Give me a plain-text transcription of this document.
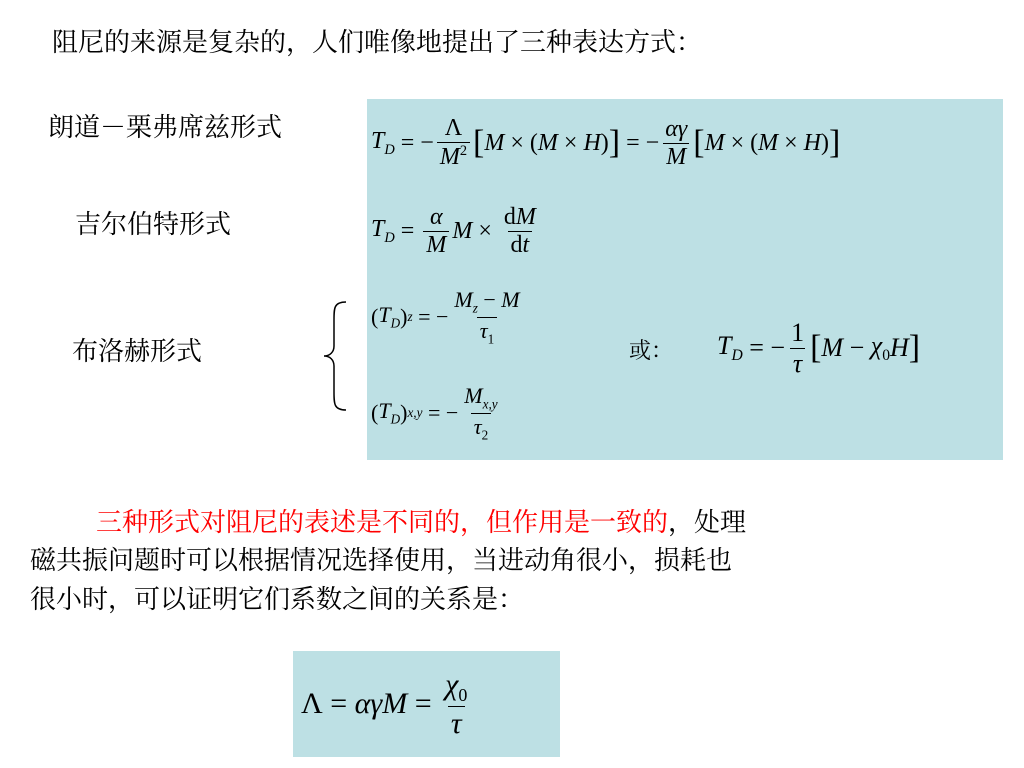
阻尼的来源是复杂的，人们唯像地提出了三种表达方式：
朗道－栗弗席兹形式
吉尔伯特形式
布洛赫形式
$T_D$ = − $\frac{\Lambda}{M^2}$ [ M × ( M × H ) ] = − $\frac{\alpha\gamma}{M}$ [ M × ( M × H ) ]
$T_D = \frac{\alpha}{M}$ $M \times \frac{dM}{dt}$
( $T_D$ ) z = − $\frac{M_z - M}{\tau_1}$
或： $T_D$ = − $\frac{1}{\tau}$ [ $M - \chi_0$ H ]
( $T_D$ ) x,y = − $\frac{M_{x,y}}{\tau_2}$
三种形式对阻尼的表述是不同的，但作用是一致的，处理
磁共振问题时可以根据情况选择使用，当进动角很小，损耗也
很小时，可以证明它们系数之间的关系是：
$\Lambda = \alpha\gamma M = \frac{\chi_0}{\tau}$
